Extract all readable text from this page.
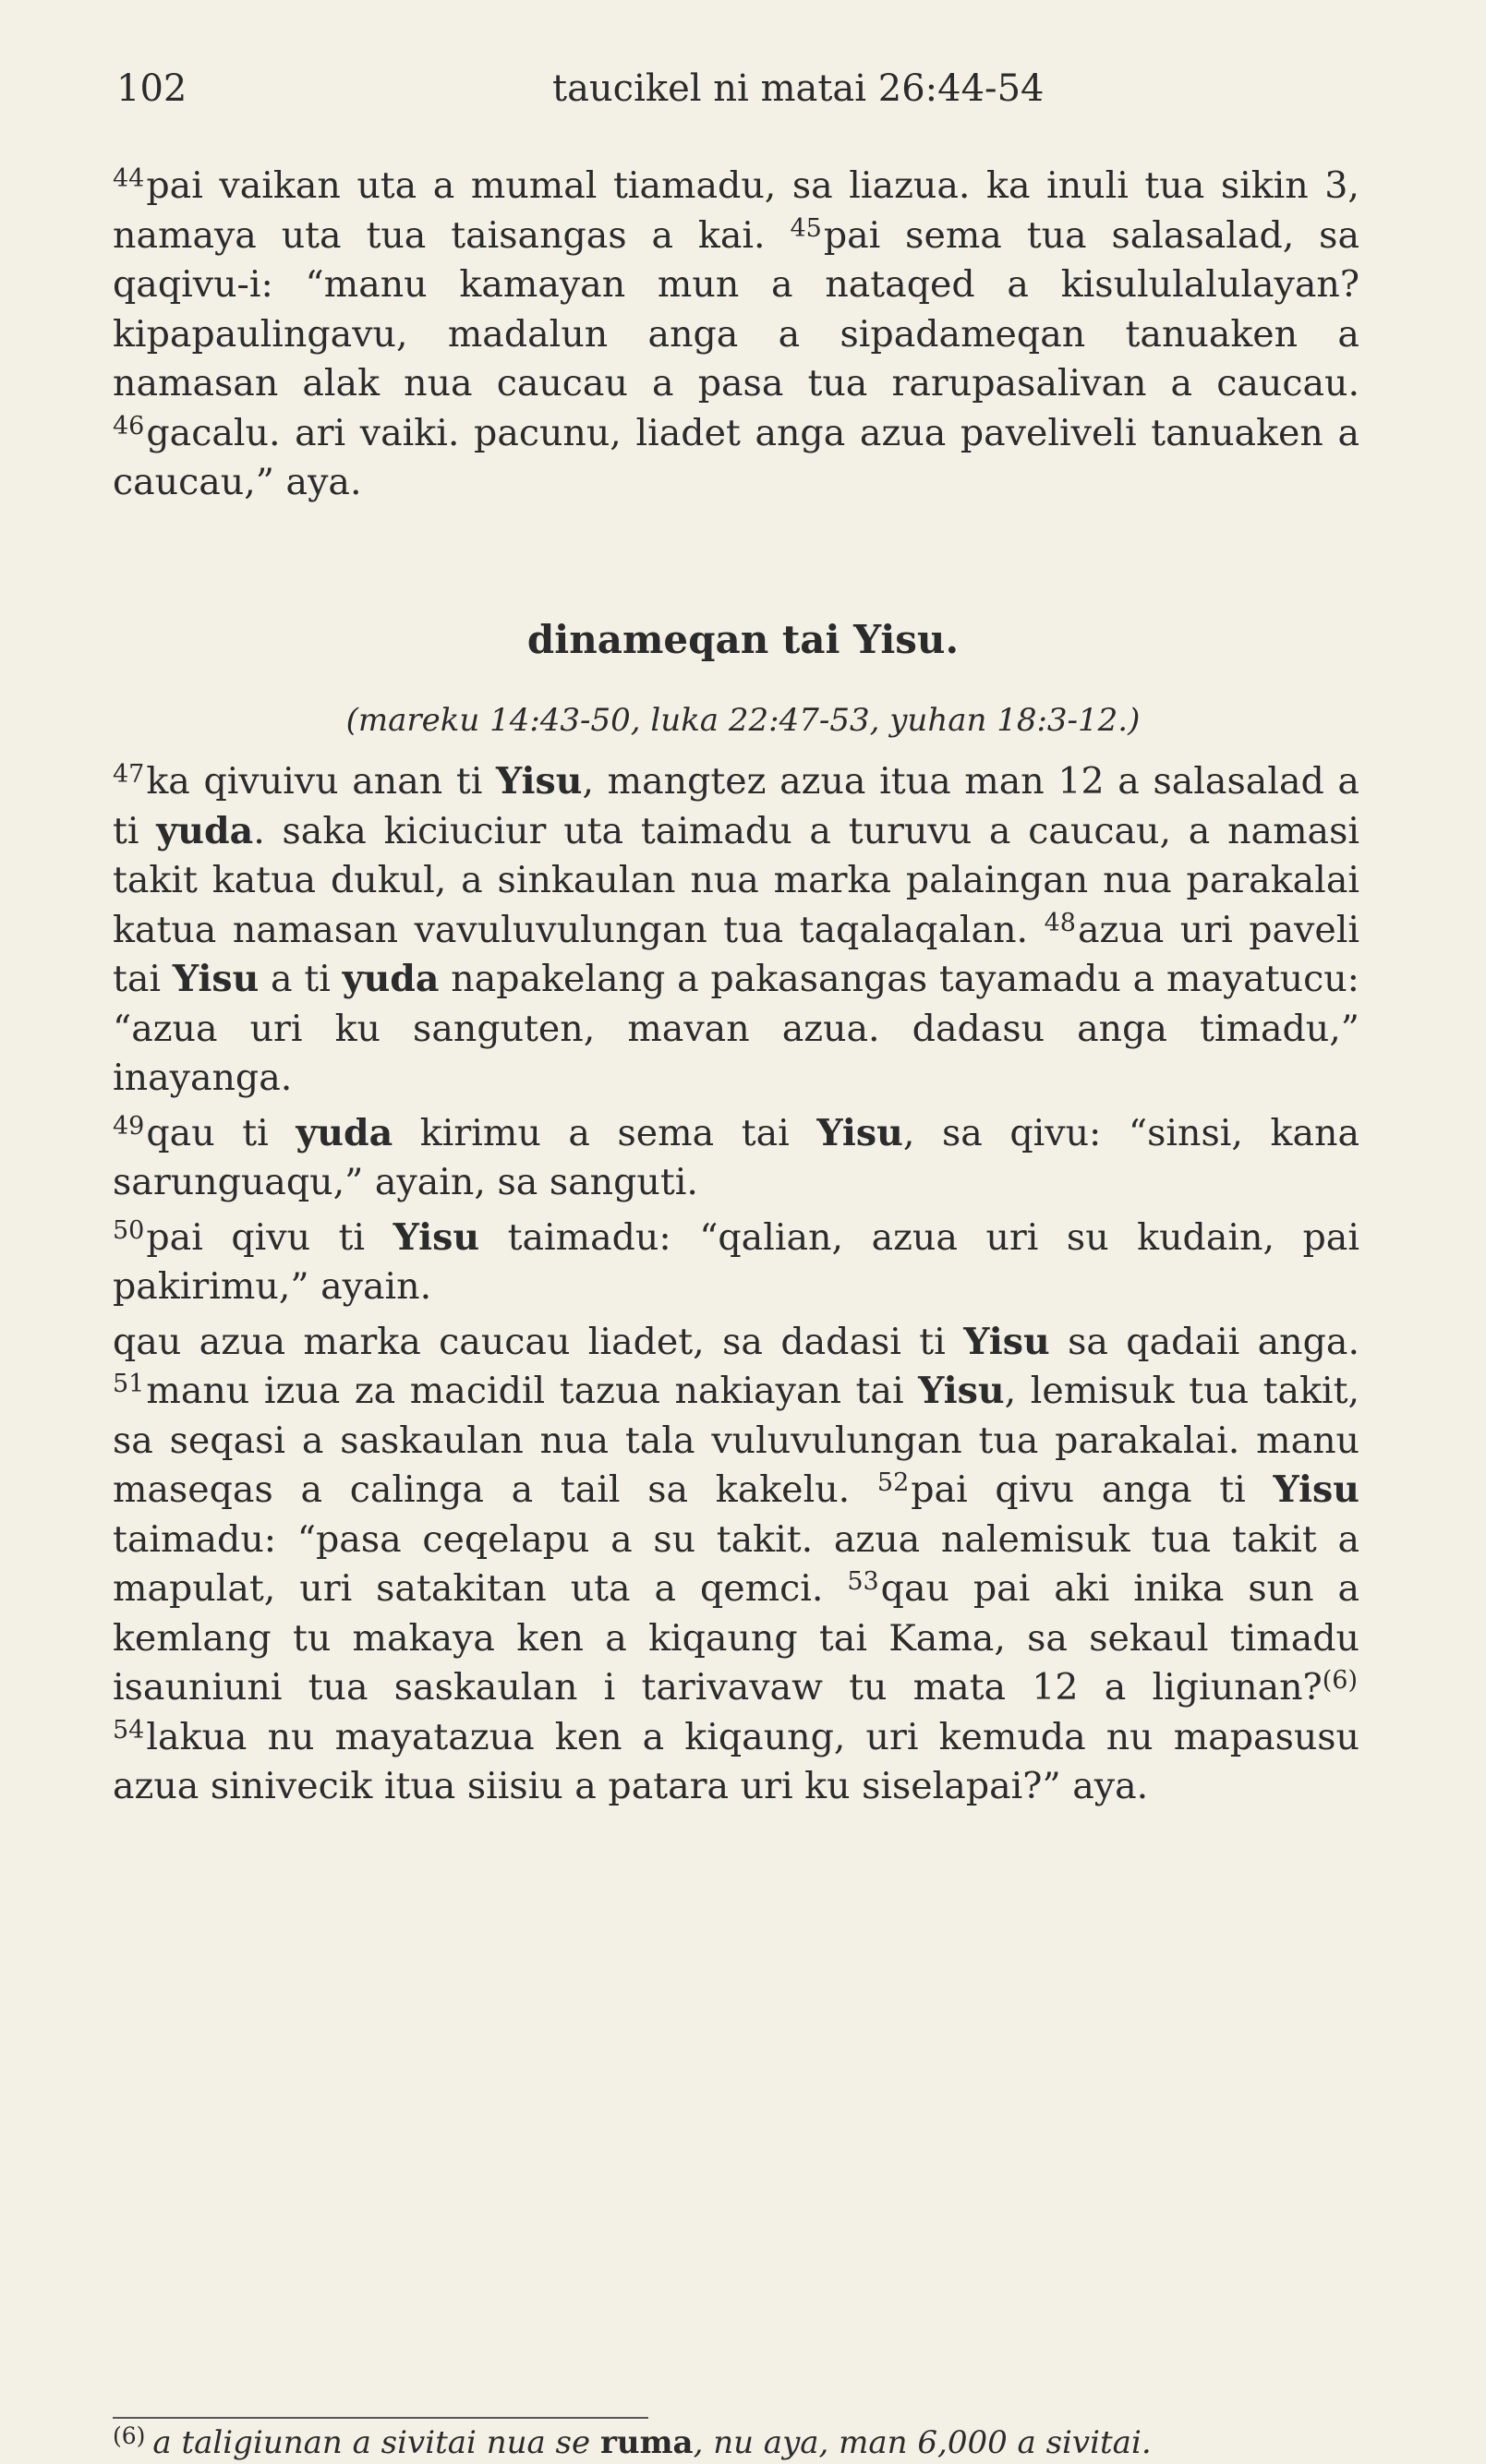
102	taucikel ni matai 26:44-54

$^{44}$pai vaikan uta a mumal tiamadu, sa liazua. ka inuli tua sikin 3, namaya uta tua taisangas a kai. $^{45}$pai sema tua salasalad, sa qaqivu-i: “manu kamayan mun a nataqed a kisululalulayan? kipapaulingavu, madalun anga a sipadameqan tanuaken a namasan alak nua caucau a pasa tua rarupasalivan a caucau. $^{46}$gacalu. ari vaiki. pacunu, liadet anga azua paveliveli tanuaken a caucau,” aya.

dinameqan tai Yisu.
(mareku 14:43-50, luka 22:47-53, yuhan 18:3-12.)

$^{47}$ka qivuivu anan ti Yisu, mangtez azua itua man 12 a salasalad a ti yuda. saka kiciuciur uta taimadu a turuvu a caucau, a namasi takit katua dukul, a sinkaulan nua marka palaingan nua parakalai katua namasan vavuluvulungan tua taqalaqalan. $^{48}$azua uri paveli tai Yisu a ti yuda napakelang a pakasangas tayamadu a mayatucu: “azua uri ku sanguten, mavan azua. dadasu anga timadu,” inayanga.

$^{49}$qau ti yuda kirimu a sema tai Yisu, sa qivu: “sinsi, kana sarunguaqu,” ayain, sa sanguti.

$^{50}$pai qivu ti Yisu taimadu: “qalian, azua uri su kudain, pai pakirimu,” ayain.

qau azua marka caucau liadet, sa dadasi ti Yisu sa qadaii anga. $^{51}$manu izua za macidil tazua nakiayan tai Yisu, lemisuk tua takit, sa seqasi a saskaulan nua tala vuluvulungan tua parakalai. manu maseqas a calinga a tail sa kakelu. $^{52}$pai qivu anga ti Yisu taimadu: “pasa ceqelapu a su takit. azua nalemisuk tua takit a mapulat, uri satakitan uta a qemci. $^{53}$qau pai aki inika sun a kemlang tu makaya ken a kiqaung tai Kama, sa sekaul timadu isauniuni tua saskaulan i tarivavaw tu mata 12 a ligiunan?$^{(6)}$ $^{54}$lakua nu mayatazua ken a kiqaung, uri kemuda nu mapasusu azua sinivecik itua siisiu a patara uri ku siselapai?” aya.

$^{(6)}$ a taligiunan a sivitai nua se ruma, nu aya, man 6,000 a sivitai.
